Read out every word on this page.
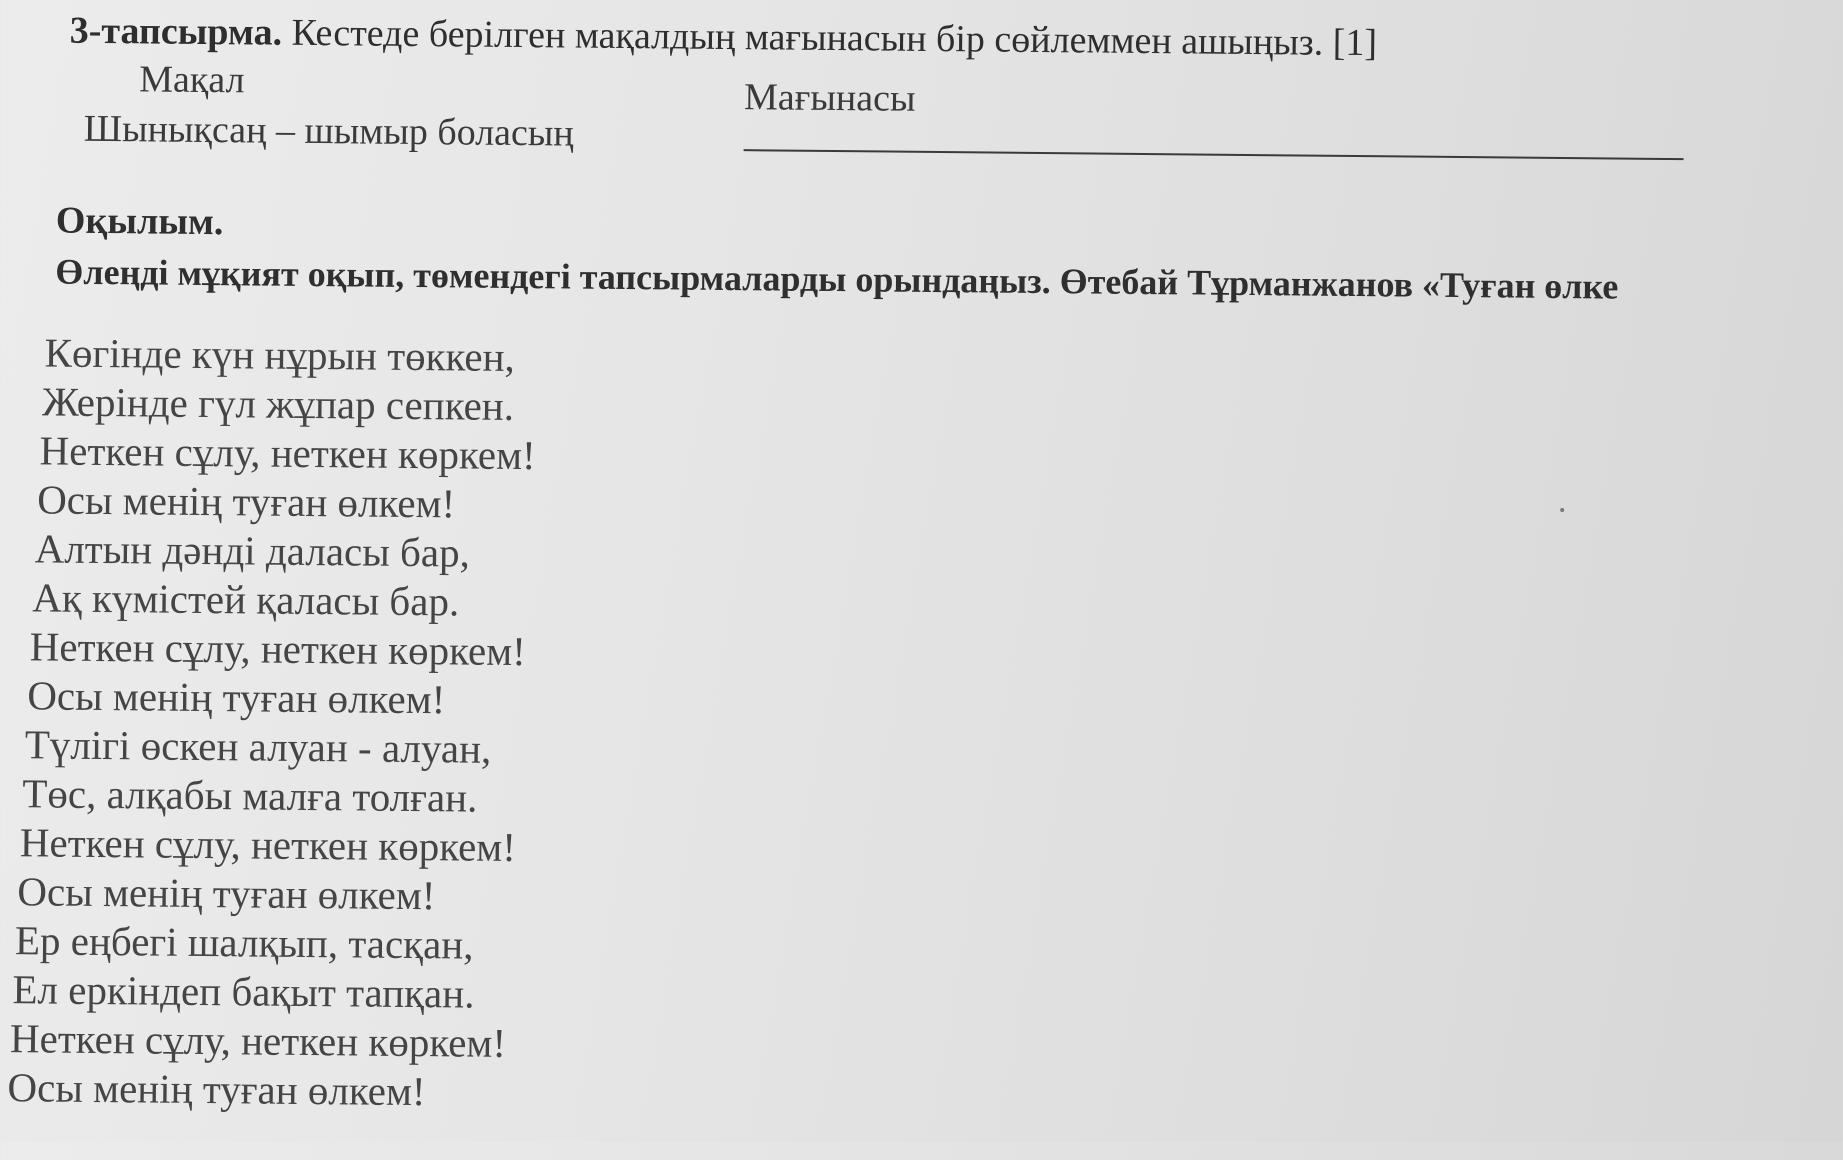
3-тапсырма. Кестеде берілген мақалдың мағынасын бір сөйлеммен ашыңыз. [1]
Мақал	Мағынасы
Шынықсаң – шымыр боласың
Оқылым.
Өлеңді мұқият оқып, төмендегі тапсырмаларды орындаңыз. Өтебай Тұрманжанов «Туған өлке
Көгінде күн нұрын төккен,
Жерінде гүл жұпар сепкен.
Неткен сұлу, неткен көркем!
Осы менің туған өлкем!
Алтын дәнді даласы бар,
Ақ күмістей қаласы бар.
Неткен сұлу, неткен көркем!
Осы менің туған өлкем!
Түлігі өскен алуан - алуан,
Төс, алқабы малға толған.
Неткен сұлу, неткен көркем!
Осы менің туған өлкем!
Ер еңбегі шалқып, тасқан,
Ел еркіндеп бақыт тапқан.
Неткен сұлу, неткен көркем!
Осы менің туған өлкем!
